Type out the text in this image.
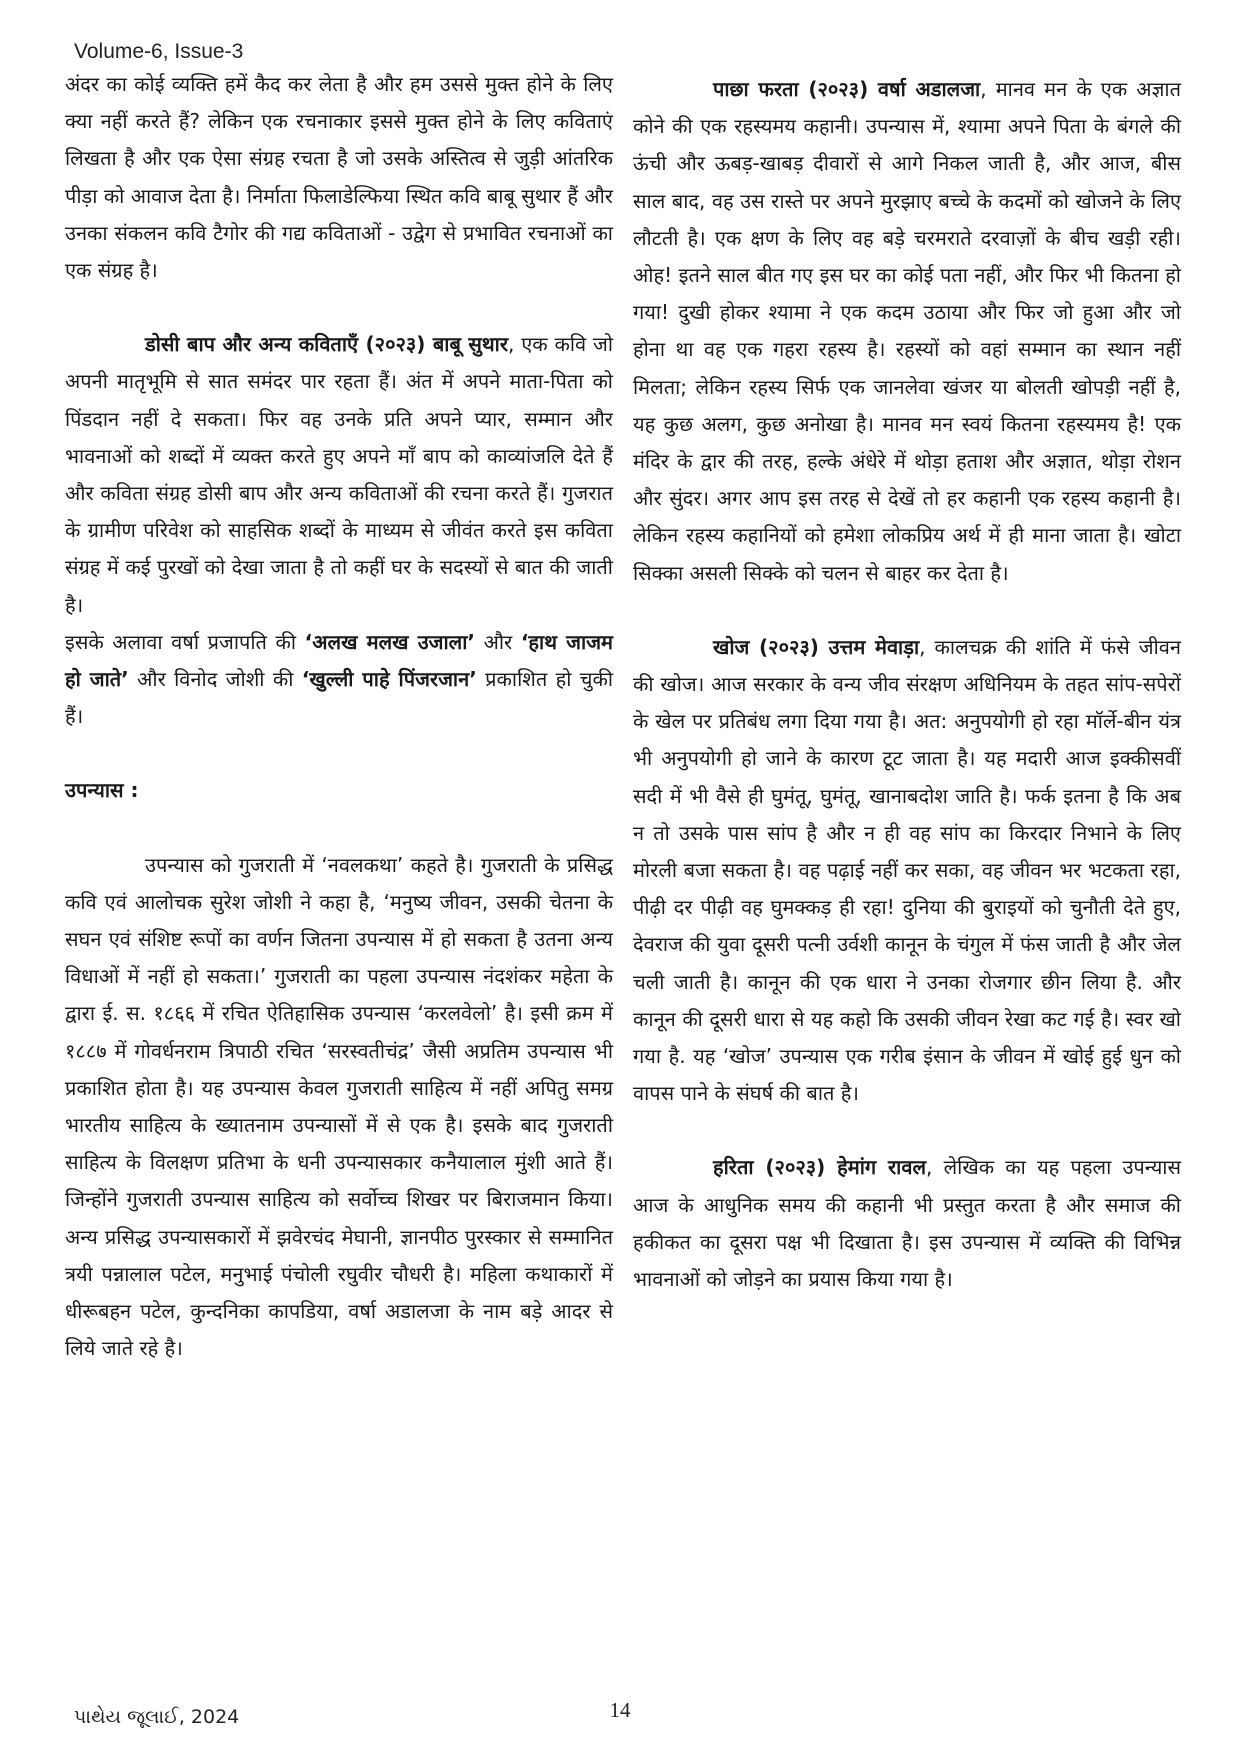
Volume-6, Issue-3

अंदर का कोई व्यक्ति हमें कैद कर लेता है और हम उससे मुक्त होने के लिए क्या नहीं करते हैं? लेकिन एक रचनाकार इससे मुक्त होने के लिए कविताएं लिखता है और एक ऐसा संग्रह रचता है जो उसके अस्तित्व से जुड़ी आंतरिक पीड़ा को आवाज देता है। निर्माता फिलाडेल्फिया स्थित कवि बाबू सुथार हैं और उनका संकलन कवि टैगोर की गद्य कविताओं - उद्वेग से प्रभावित रचनाओं का एक संग्रह है।

डोसी बाप और अन्य कविताएँ (२०२३) बाबू सुथार, एक कवि जो अपनी मातृभूमि से सात समंदर पार रहता हैं। अंत में अपने माता-पिता को पिंडदान नहीं दे सकता। फिर वह उनके प्रति अपने प्यार, सम्मान और भावनाओं को शब्दों में व्यक्त करते हुए अपने माँ बाप को काव्यांजलि देते हैं और कविता संग्रह डोसी बाप और अन्य कविताओं की रचना करते हैं। गुजरात के ग्रामीण परिवेश को साहसिक शब्दों के माध्यम से जीवंत करते इस कविता संग्रह में कई पुरखों को देखा जाता है तो कहीं घर के सदस्यों से बात की जाती है।

इसके अलावा वर्षा प्रजापति की ‘अलख मलख उजाला’ और ‘हाथ जाजम हो जाते’ और विनोद जोशी की ‘खुल्ली पाहे पिंजरजान’ प्रकाशित हो चुकी हैं।

उपन्यास :

उपन्यास को गुजराती में ‘नवलकथा’ कहते है। गुजराती के प्रसिद्ध कवि एवं आलोचक सुरेश जोशी ने कहा है, ‘मनुष्य जीवन, उसकी चेतना के सघन एवं संशिष्ट रूपों का वर्णन जितना उपन्यास में हो सकता है उतना अन्य विधाओं में नहीं हो सकता।’ गुजराती का पहला उपन्यास नंदशंकर महेता के द्वारा ई. स. १८६६ में रचित ऐतिहासिक उपन्यास ‘करलवेलो’ है। इसी क्रम में १८८७ में गोवर्धनराम त्रिपाठी रचित ‘सरस्वतीचंद्र’ जैसी अप्रतिम उपन्यास भी प्रकाशित होता है। यह उपन्यास केवल गुजराती साहित्य में नहीं अपितु समग्र भारतीय साहित्य के ख्यातनाम उपन्यासों में से एक है। इसके बाद गुजराती साहित्य के विलक्षण प्रतिभा के धनी उपन्यासकार कनैयालाल मुंशी आते हैं। जिन्होंने गुजराती उपन्यास साहित्य को सर्वोच्च शिखर पर बिराजमान किया। अन्य प्रसिद्ध उपन्यासकारों में झवेरचंद मेघानी, ज्ञानपीठ पुरस्कार से सम्मानित त्रयी पन्नालाल पटेल, मनुभाई पंचोली रघुवीर चौधरी है। महिला कथाकारों में धीरूबहन पटेल, कुन्दनिका कापडिया, वर्षा अडालजा के नाम बड़े आदर से लिये जाते रहे है।

पाछा फरता (२०२३) वर्षा अडालजा, मानव मन के एक अज्ञात कोने की एक रहस्यमय कहानी। उपन्यास में, श्यामा अपने पिता के बंगले की ऊंची और ऊबड़-खाबड़ दीवारों से आगे निकल जाती है, और आज, बीस साल बाद, वह उस रास्ते पर अपने मुरझाए बच्चे के कदमों को खोजने के लिए लौटती है। एक क्षण के लिए वह बड़े चरमराते दरवाज़ों के बीच खड़ी रही। ओह! इतने साल बीत गए इस घर का कोई पता नहीं, और फिर भी कितना हो गया! दुखी होकर श्यामा ने एक कदम उठाया और फिर जो हुआ और जो होना था वह एक गहरा रहस्य है। रहस्यों को वहां सम्मान का स्थान नहीं मिलता; लेकिन रहस्य सिर्फ एक जानलेवा खंजर या बोलती खोपड़ी नहीं है, यह कुछ अलग, कुछ अनोखा है। मानव मन स्वयं कितना रहस्यमय है! एक मंदिर के द्वार की तरह, हल्के अंधेरे में थोड़ा हताश और अज्ञात, थोड़ा रोशन और सुंदर। अगर आप इस तरह से देखें तो हर कहानी एक रहस्य कहानी है। लेकिन रहस्य कहानियों को हमेशा लोकप्रिय अर्थ में ही माना जाता है। खोटा सिक्का असली सिक्के को चलन से बाहर कर देता है।

खोज (२०२३) उत्तम मेवाड़ा, कालचक्र की शांति में फंसे जीवन की खोज। आज सरकार के वन्य जीव संरक्षण अधिनियम के तहत सांप-सपेरों के खेल पर प्रतिबंध लगा दिया गया है। अत: अनुपयोगी हो रहा मॉर्ले-बीन यंत्र भी अनुपयोगी हो जाने के कारण टूट जाता है। यह मदारी आज इक्कीसवीं सदी में भी वैसे ही घुमंतू, घुमंतू, खानाबदोश जाति है। फर्क इतना है कि अब न तो उसके पास सांप है और न ही वह सांप का किरदार निभाने के लिए मोरली बजा सकता है। वह पढ़ाई नहीं कर सका, वह जीवन भर भटकता रहा, पीढ़ी दर पीढ़ी वह घुमक्कड़ ही रहा! दुनिया की बुराइयों को चुनौती देते हुए, देवराज की युवा दूसरी पत्नी उर्वशी कानून के चंगुल में फंस जाती है और जेल चली जाती है। कानून की एक धारा ने उनका रोजगार छीन लिया है. और कानून की दूसरी धारा से यह कहो कि उसकी जीवन रेखा कट गई है। स्वर खो गया है. यह ‘खोज’ उपन्यास एक गरीब इंसान के जीवन में खोई हुई धुन को वापस पाने के संघर्ष की बात है।

हरिता (२०२३) हेमांग रावल, लेखिक का यह पहला उपन्यास आज के आधुनिक समय की कहानी भी प्रस्तुत करता है और समाज की हकीकत का दूसरा पक्ष भी दिखाता है। इस उपन्यास में व्यक्ति की विभिन्न भावनाओं को जोड़ने का प्रयास किया गया है।

પાથેય જૂલાઈ, 2024	14
